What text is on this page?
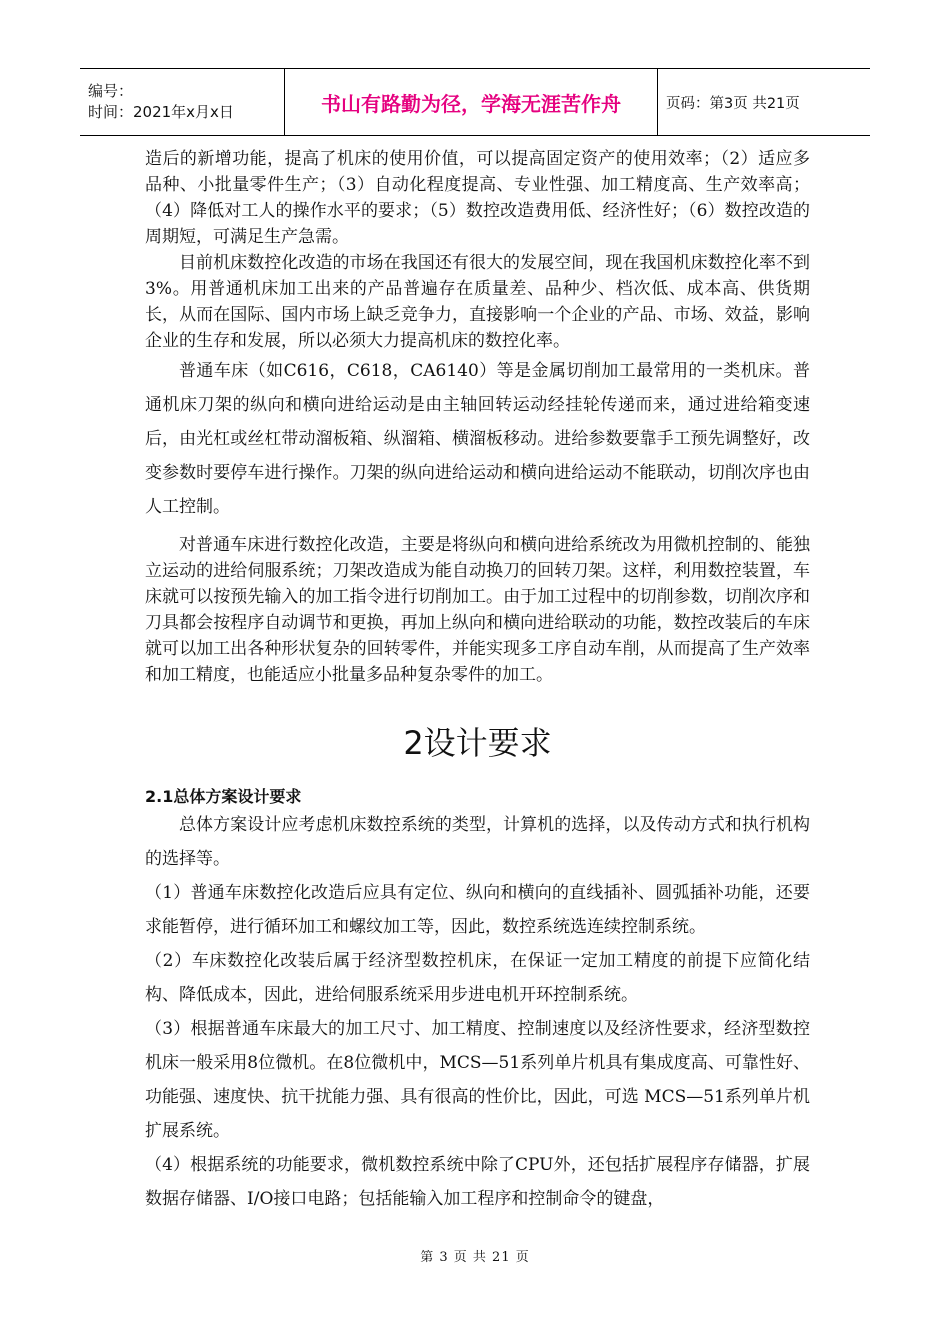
编号：
时间：2021年x月x日	书山有路勤为径，学海无涯苦作舟	页码：第3页 共21页

造后的新增功能，提高了机床的使用价值，可以提高固定资产的使用效率；（2）适应多品种、小批量零件生产；（3）自动化程度提高、专业性强、加工精度高、生产效率高；（4）降低对工人的操作水平的要求；（5）数控改造费用低、经济性好；（6）数控改造的周期短，可满足生产急需。

目前机床数控化改造的市场在我国还有很大的发展空间，现在我国机床数控化率不到3%。用普通机床加工出来的产品普遍存在质量差、品种少、档次低、成本高、供货期长，从而在国际、国内市场上缺乏竞争力，直接影响一个企业的产品、市场、效益，影响企业的生存和发展，所以必须大力提高机床的数控化率。

普通车床（如C616，C618，CA6140）等是金属切削加工最常用的一类机床。普通机床刀架的纵向和横向进给运动是由主轴回转运动经挂轮传递而来，通过进给箱变速后，由光杠或丝杠带动溜板箱、纵溜箱、横溜板移动。进给参数要靠手工预先调整好，改变参数时要停车进行操作。刀架的纵向进给运动和横向进给运动不能联动，切削次序也由人工控制。

对普通车床进行数控化改造，主要是将纵向和横向进给系统改为用微机控制的、能独立运动的进给伺服系统；刀架改造成为能自动换刀的回转刀架。这样，利用数控装置，车床就可以按预先输入的加工指令进行切削加工。由于加工过程中的切削参数，切削次序和刀具都会按程序自动调节和更换，再加上纵向和横向进给联动的功能，数控改装后的车床就可以加工出各种形状复杂的回转零件，并能实现多工序自动车削，从而提高了生产效率和加工精度，也能适应小批量多品种复杂零件的加工。

2设计要求
2.1总体方案设计要求

总体方案设计应考虑机床数控系统的类型，计算机的选择，以及传动方式和执行机构的选择等。

（1）普通车床数控化改造后应具有定位、纵向和横向的直线插补、圆弧插补功能，还要求能暂停，进行循环加工和螺纹加工等，因此，数控系统选连续控制系统。

（2）车床数控化改装后属于经济型数控机床，在保证一定加工精度的前提下应简化结构、降低成本，因此，进给伺服系统采用步进电机开环控制系统。

（3）根据普通车床最大的加工尺寸、加工精度、控制速度以及经济性要求，经济型数控机床一般采用8位微机。在8位微机中，MCS—51系列单片机具有集成度高、可靠性好、功能强、速度快、抗干扰能力强、具有很高的性价比，因此，可选 MCS—51系列单片机扩展系统。

（4）根据系统的功能要求，微机数控系统中除了CPU外，还包括扩展程序存储器，扩展数据存储器、I/O接口电路；包括能输入加工程序和控制命令的键盘，

第 3 页 共 21 页
